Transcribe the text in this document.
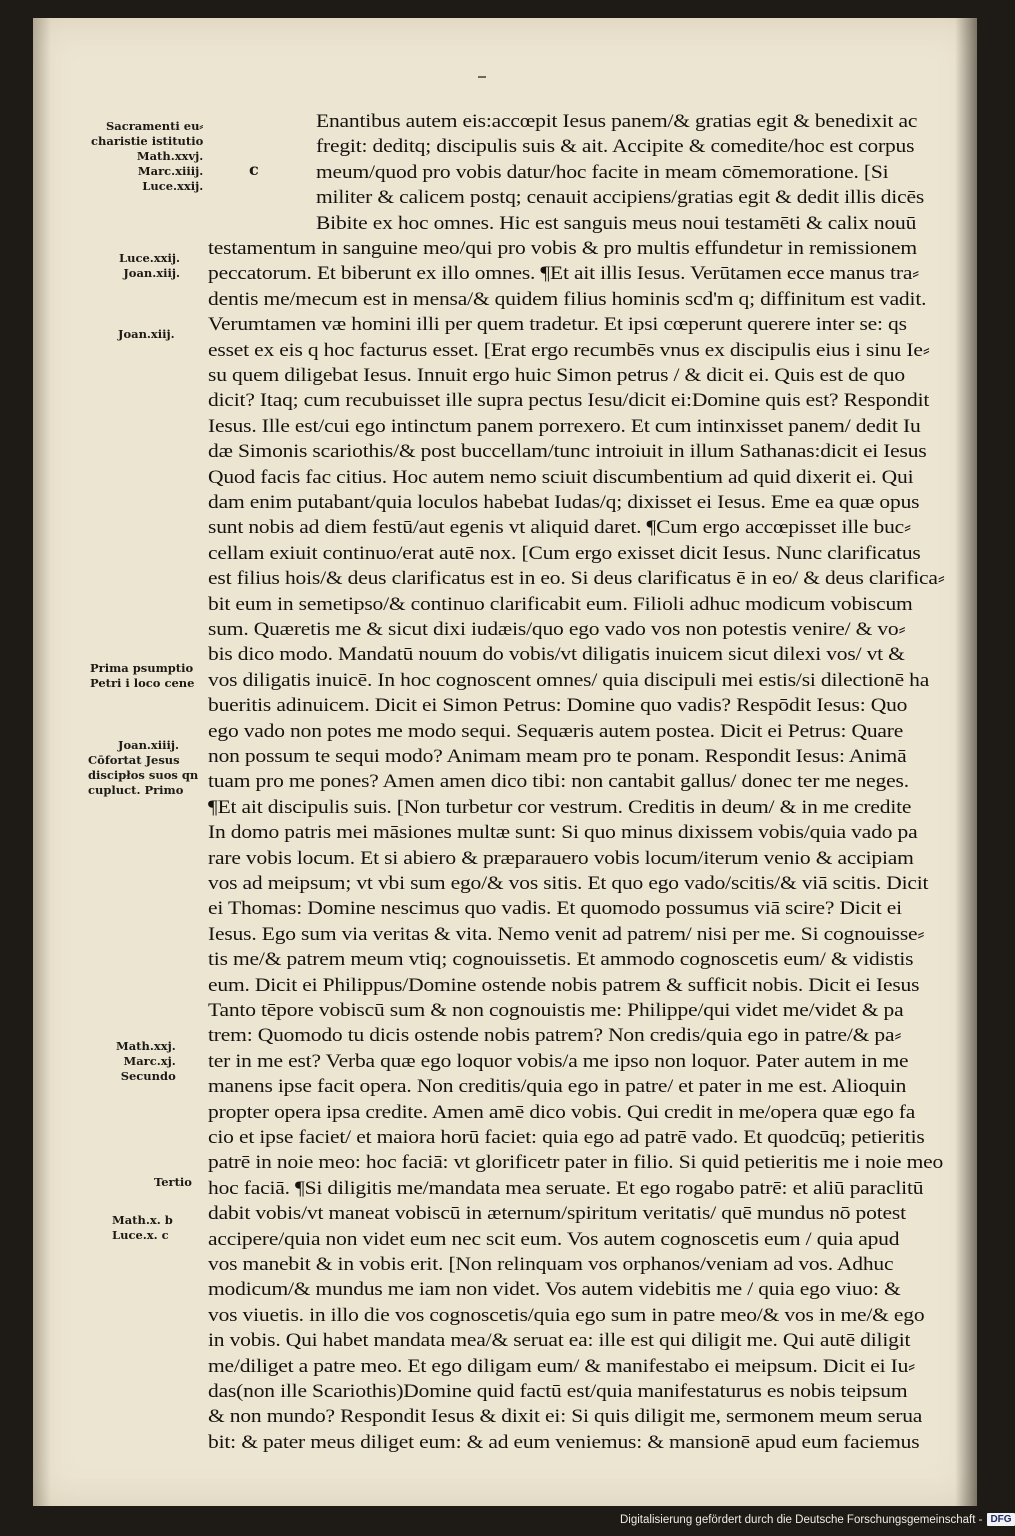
Sacramenti eu⸗
charistie istitutio
Math.xxvj.
Marc.xiiij.
Luce.xxij.
c
Luce.xxij.
Joan.xiij.
Joan.xiij.
Prima psumptio
Petri i loco cene
Joan.xiiij.
Cōfortat Jesus
discipłos suos qn
cupluct. Primo
Math.xxj.
Marc.xj.
Secundo
Tertio
Math.x. b
Luce.x. c
Enantibus autem eis:accœpit Iesus panem/& gratias egit & benedixit ac
fregit: deditq; discipulis suis & ait. Accipite & comedite/hoc est corpus
meum/quod pro vobis datur/hoc facite in meam cōmemoratione. [Si
militer & calicem postq; cenauit accipiens/gratias egit & dedit illis dicēs
Bibite ex hoc omnes. Hic est sanguis meus noui testamēti & calix nouū
testamentum in sanguine meo/qui pro vobis & pro multis effundetur in remissionem
peccatorum. Et biberunt ex illo omnes. ¶Et ait illis Iesus. Verūtamen ecce manus tra⸗
dentis me/mecum est in mensa/& quidem filius hominis scd'm q; diffinitum est vadit.
Verumtamen væ homini illi per quem tradetur. Et ipsi cœperunt querere inter se: qs
esset ex eis q hoc facturus esset. [Erat ergo recumbēs vnus ex discipulis eius i sinu Ie⸗
su quem diligebat Iesus. Innuit ergo huic Simon petrus / & dicit ei. Quis est de quo
dicit? Itaq; cum recubuisset ille supra pectus Iesu/dicit ei:Domine quis est? Respondit
Iesus. Ille est/cui ego intinctum panem porrexero. Et cum intinxisset panem/ dedit Iu
dæ Simonis scariothis/& post buccellam/tunc introiuit in illum Sathanas:dicit ei Iesus
Quod facis fac citius. Hoc autem nemo sciuit discumbentium ad quid dixerit ei. Qui
dam enim putabant/quia loculos habebat Iudas/q; dixisset ei Iesus. Eme ea quæ opus
sunt nobis ad diem festū/aut egenis vt aliquid daret. ¶Cum ergo accœpisset ille buc⸗
cellam exiuit continuo/erat autē nox. [Cum ergo exisset dicit Iesus. Nunc clarificatus
est filius hois/& deus clarificatus est in eo. Si deus clarificatus ē in eo/ & deus clarifica⸗
bit eum in semetipso/& continuo clarificabit eum. Filioli adhuc modicum vobiscum
sum. Quæretis me & sicut dixi iudæis/quo ego vado vos non potestis venire/ & vo⸗
bis dico modo. Mandatū nouum do vobis/vt diligatis inuicem sicut dilexi vos/ vt &
vos diligatis inuicē. In hoc cognoscent omnes/ quia discipuli mei estis/si dilectionē ha
bueritis adinuicem. Dicit ei Simon Petrus: Domine quo vadis? Respōdit Iesus: Quo
ego vado non potes me modo sequi. Sequæris autem postea. Dicit ei Petrus: Quare
non possum te sequi modo? Animam meam pro te ponam. Respondit Iesus: Animā
tuam pro me pones? Amen amen dico tibi: non cantabit gallus/ donec ter me neges.
¶Et ait discipulis suis. [Non turbetur cor vestrum. Creditis in deum/ & in me credite
In domo patris mei māsiones multæ sunt: Si quo minus dixissem vobis/quia vado pa
rare vobis locum. Et si abiero & præparauero vobis locum/iterum venio & accipiam
vos ad meipsum; vt vbi sum ego/& vos sitis. Et quo ego vado/scitis/& viā scitis. Dicit
ei Thomas: Domine nescimus quo vadis. Et quomodo possumus viā scire? Dicit ei
Iesus. Ego sum via veritas & vita. Nemo venit ad patrem/ nisi per me. Si cognouisse⸗
tis me/& patrem meum vtiq; cognouissetis. Et ammodo cognoscetis eum/ & vidistis
eum. Dicit ei Philippus/Domine ostende nobis patrem & sufficit nobis. Dicit ei Iesus
Tanto tēpore vobiscū sum & non cognouistis me: Philippe/qui videt me/videt & pa
trem: Quomodo tu dicis ostende nobis patrem? Non credis/quia ego in patre/& pa⸗
ter in me est? Verba quæ ego loquor vobis/a me ipso non loquor. Pater autem in me
manens ipse facit opera. Non creditis/quia ego in patre/ et pater in me est. Alioquin
propter opera ipsa credite. Amen amē dico vobis. Qui credit in me/opera quæ ego fa
cio et ipse faciet/ et maiora horū faciet: quia ego ad patrē vado. Et quodcūq; petieritis
patrē in noie meo: hoc faciā: vt glorificetr pater in filio. Si quid petieritis me i noie meo
hoc faciā. ¶Si diligitis me/mandata mea seruate. Et ego rogabo patrē: et aliū paraclitū
dabit vobis/vt maneat vobiscū in æternum/spiritum veritatis/ quē mundus nō potest
accipere/quia non videt eum nec scit eum. Vos autem cognoscetis eum / quia apud
vos manebit & in vobis erit. [Non relinquam vos orphanos/veniam ad vos. Adhuc
modicum/& mundus me iam non videt. Vos autem videbitis me / quia ego viuo: &
vos viuetis. in illo die vos cognoscetis/quia ego sum in patre meo/& vos in me/& ego
in vobis. Qui habet mandata mea/& seruat ea: ille est qui diligit me. Qui autē diligit
me/diliget a patre meo. Et ego diligam eum/ & manifestabo ei meipsum. Dicit ei Iu⸗
das(non ille Scariothis)Domine quid factū est/quia manifestaturus es nobis teipsum
& non mundo? Respondit Iesus & dixit ei: Si quis diligit me, sermonem meum serua
bit: & pater meus diliget eum: & ad eum veniemus: & mansionē apud eum faciemus
Digitalisierung gefördert durch die Deutsche Forschungsgemeinschaft - DFG
